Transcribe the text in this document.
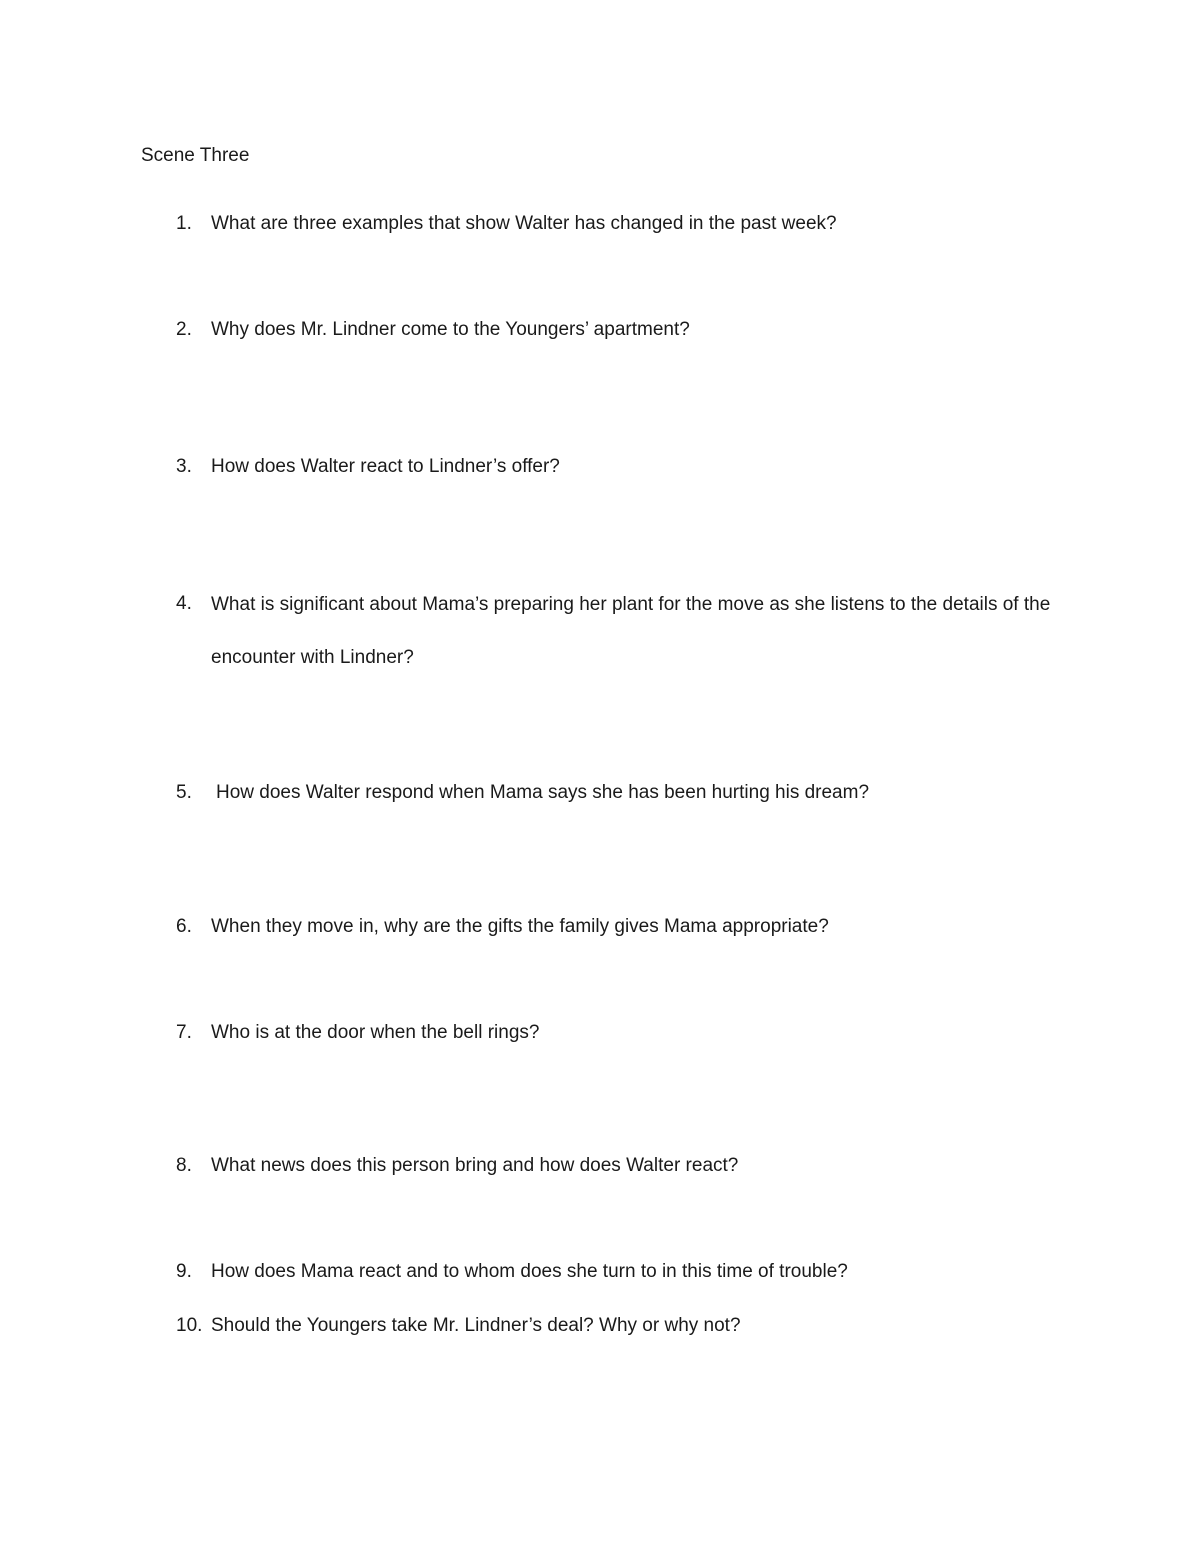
Scene Three
1. What are three examples that show Walter has changed in the past week?
2. Why does Mr. Lindner come to the Youngers’ apartment?
3. How does Walter react to Lindner’s offer?
4. What is significant about Mama’s preparing her plant for the move as she listens to the details of the encounter with Lindner?
5. How does Walter respond when Mama says she has been hurting his dream?
6. When they move in, why are the gifts the family gives Mama appropriate?
7. Who is at the door when the bell rings?
8. What news does this person bring and how does Walter react?
9. How does Mama react and to whom does she turn to in this time of trouble?
10. Should the Youngers take Mr. Lindner’s deal? Why or why not?
